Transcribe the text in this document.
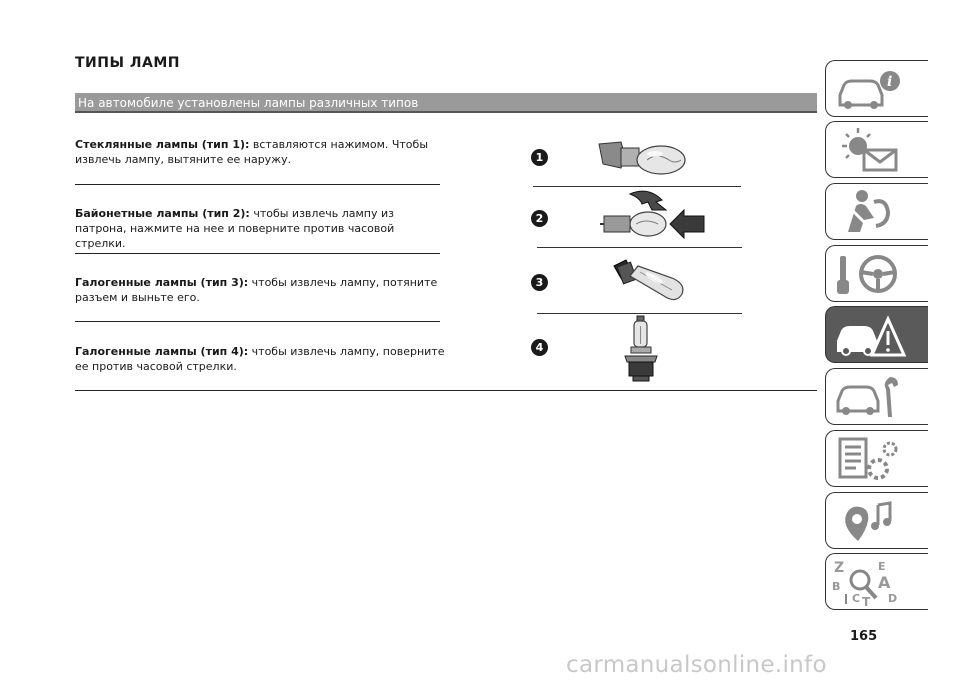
ТИПЫ ЛАМП
На автомобиле установлены лампы различных типов
Стеклянные лампы (тип 1): вставляются нажимом. Чтобы извлечь лампу, вытяните ее наружу.
Байонетные лампы (тип 2): чтобы извлечь лампу из патрона, нажмите на нее и поверните против часовой стрелки.
Галогенные лампы (тип 3): чтобы извлечь лампу, потяните разъем и выньте его.
Галогенные лампы (тип 4): чтобы извлечь лампу, поверните ее против часовой стрелки.
1
2
3
4
i
Z	E
B A
C	D
T
165
carmanualsonline.info
